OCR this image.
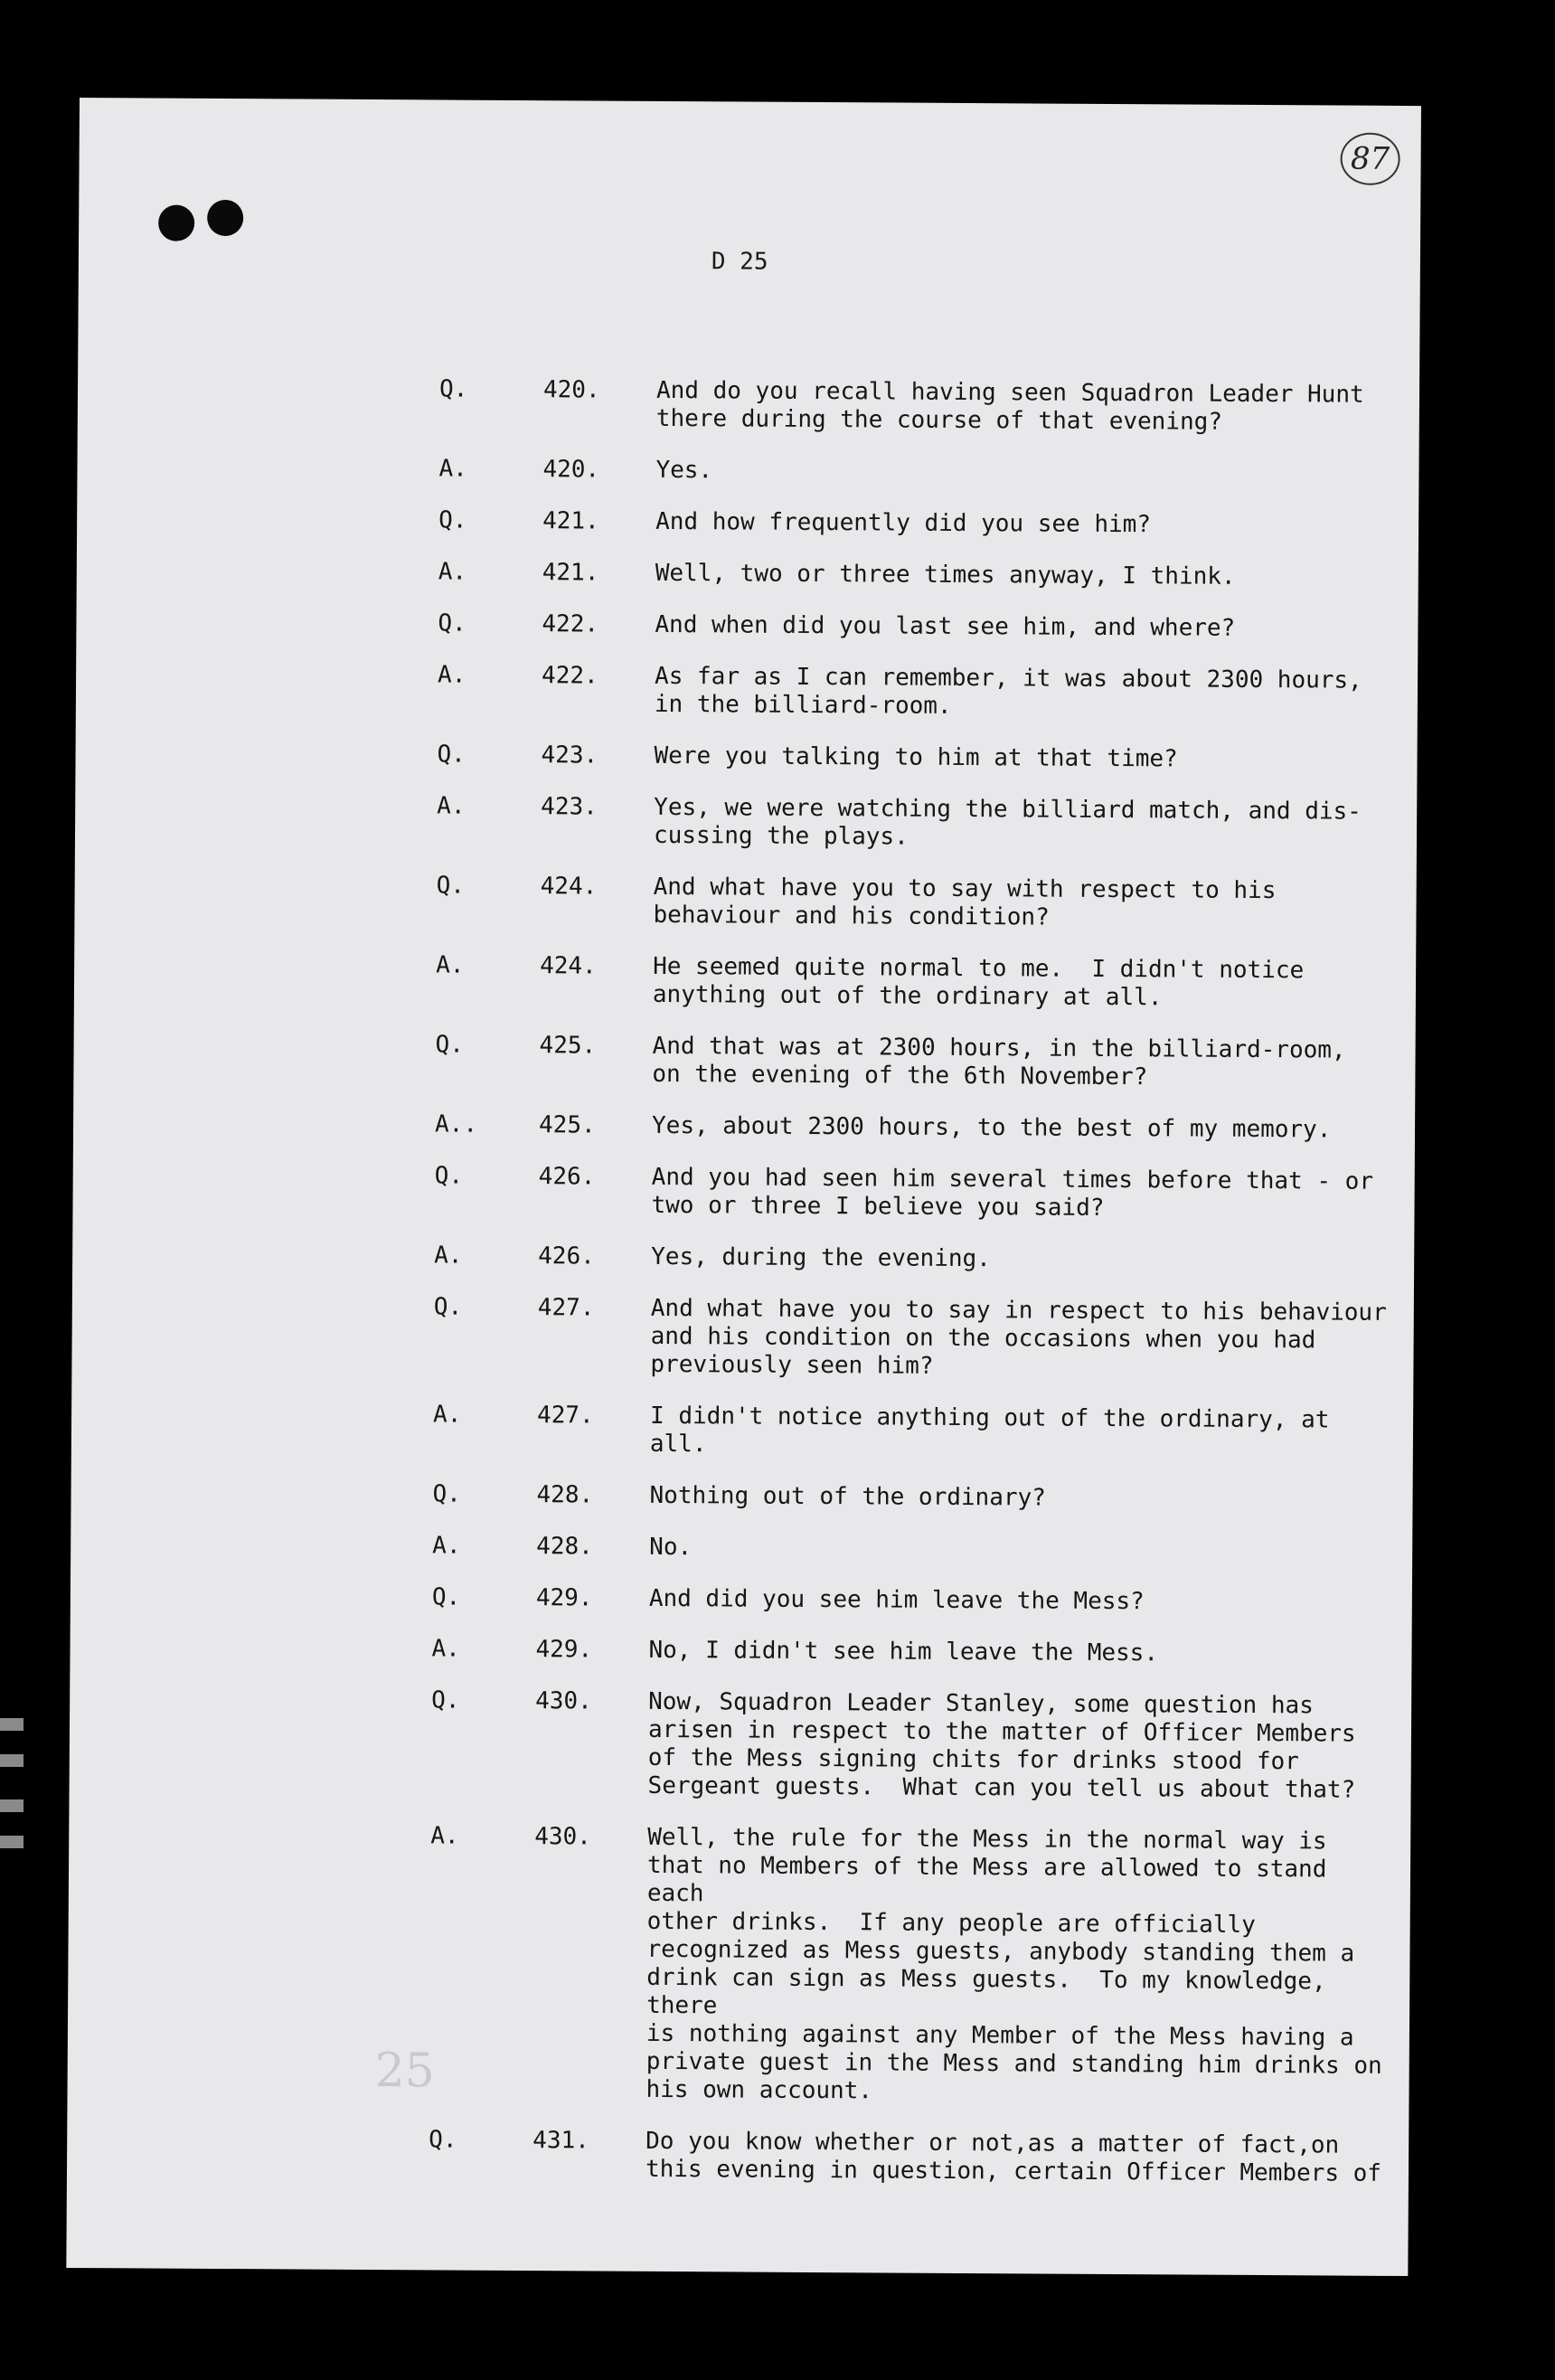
87
D 25
25
Q.	420.	And do you recall having seen Squadron Leader Hunt
there during the course of that evening?
A.	420.	Yes.
Q.	421.	And how frequently did you see him?
A.	421.	Well, two or three times anyway, I think.
Q.	422.	And when did you last see him, and where?
A.	422.	As far as I can remember, it was about 2300 hours,
in the billiard-room.
Q.	423.	Were you talking to him at that time?
A.	423.	Yes, we were watching the billiard match, and dis-
cussing the plays.
Q.	424.	And what have you to say with respect to his
behaviour and his condition?
A.	424.	He seemed quite normal to me.  I didn't notice
anything out of the ordinary at all.
Q.	425.	And that was at 2300 hours, in the billiard-room,
on the evening of the 6th November?
A..	425.	Yes, about 2300 hours, to the best of my memory.
Q.	426.	And you had seen him several times before that - or
two or three I believe you said?
A.	426.	Yes, during the evening.
Q.	427.	And what have you to say in respect to his behaviour
and his condition on the occasions when you had
previously seen him?
A.	427.	I didn't notice anything out of the ordinary, at all.
Q.	428.	Nothing out of the ordinary?
A.	428.	No.
Q.	429.	And did you see him leave the Mess?
A.	429.	No, I didn't see him leave the Mess.
Q.	430.	Now, Squadron Leader Stanley, some question has
arisen in respect to the matter of Officer Members
of the Mess signing chits for drinks stood for
Sergeant guests.  What can you tell us about that?
A.	430.	Well, the rule for the Mess in the normal way is
that no Members of the Mess are allowed to stand each
other drinks.  If any people are officially
recognized as Mess guests, anybody standing them a
drink can sign as Mess guests.  To my knowledge, there
is nothing against any Member of the Mess having a
private guest in the Mess and standing him drinks on
his own account.
Q.	431.	Do you know whether or not,as a matter of fact,on
this evening in question, certain Officer Members of
